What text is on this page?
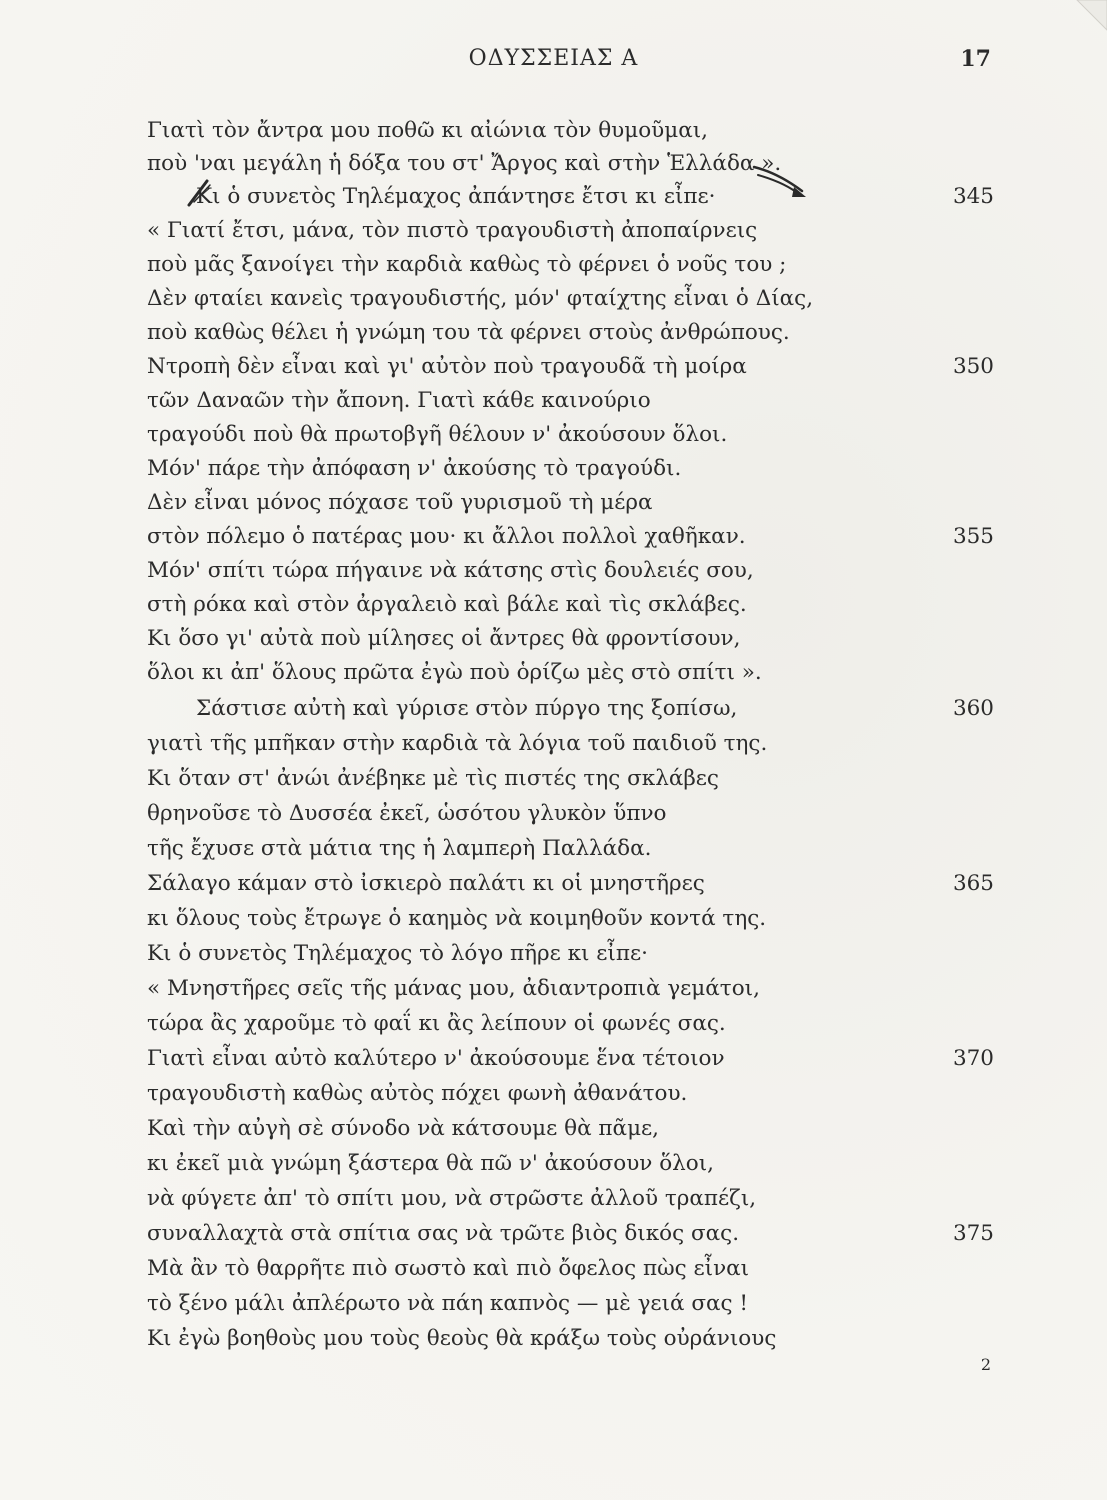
ΟΔΥΣΣΕΙΑΣ Α	17
Γιατὶ τὸν ἄντρα μου ποθῶ κι αἰώνια τὸν θυμοῦμαι,
ποὺ 'ναι μεγάλη ἡ δόξα του στ' Ἄργος καὶ στὴν Ἑλλάδα ».
Κι ὁ συνετὸς Τηλέμαχος ἀπάντησε ἔτσι κι εἶπε·	345
« Γιατί ἔτσι, μάνα, τὸν πιστὸ τραγουδιστὴ ἀποπαίρνεις
ποὺ μᾶς ξανοίγει τὴν καρδιὰ καθὼς τὸ φέρνει ὁ νοῦς του ;
Δὲν φταίει κανεὶς τραγουδιστής, μόν' φταίχτης εἶναι ὁ Δίας,
ποὺ καθὼς θέλει ἡ γνώμη του τὰ φέρνει στοὺς ἀνθρώπους.
Ντροπὴ δὲν εἶναι καὶ γι' αὐτὸν ποὺ τραγουδᾶ τὴ μοίρα	350
τῶν Δαναῶν τὴν ἄπονη. Γιατὶ κάθε καινούριο
τραγούδι ποὺ θὰ πρωτοβγῆ θέλουν ν' ἀκούσουν ὅλοι.
Μόν' πάρε τὴν ἀπόφαση ν' ἀκούσης τὸ τραγούδι.
Δὲν εἶναι μόνος πόχασε τοῦ γυρισμοῦ τὴ μέρα
στὸν πόλεμο ὁ πατέρας μου· κι ἄλλοι πολλοὶ χαθῆκαν.	355
Μόν' σπίτι τώρα πήγαινε νὰ κάτσης στὶς δουλειές σου,
στὴ ρόκα καὶ στὸν ἀργαλειὸ καὶ βάλε καὶ τὶς σκλάβες.
Κι ὅσο γι' αὐτὰ ποὺ μίλησες οἱ ἄντρες θὰ φροντίσουν,
ὅλοι κι ἀπ' ὅλους πρῶτα ἐγὼ ποὺ ὁρίζω μὲς στὸ σπίτι ».
Σάστισε αὐτὴ καὶ γύρισε στὸν πύργο της ξοπίσω,	360
γιατὶ τῆς μπῆκαν στὴν καρδιὰ τὰ λόγια τοῦ παιδιοῦ της.
Κι ὅταν στ' ἀνώι ἀνέβηκε μὲ τὶς πιστές της σκλάβες
θρηνοῦσε τὸ Δυσσέα ἐκεῖ, ὡσότου γλυκὸν ὕπνο
τῆς ἔχυσε στὰ μάτια της ἡ λαμπερὴ Παλλάδα.
Σάλαγο κάμαν στὸ ἰσκιερὸ παλάτι κι οἱ μνηστῆρες	365
κι ὅλους τοὺς ἔτρωγε ὁ καημὸς νὰ κοιμηθοῦν κοντά της.
Κι ὁ συνετὸς Τηλέμαχος τὸ λόγο πῆρε κι εἶπε·
« Μνηστῆρες σεῖς τῆς μάνας μου, ἀδιαντροπιὰ γεμάτοι,
τώρα ἂς χαροῦμε τὸ φαΐ κι ἂς λείπουν οἱ φωνές σας.
Γιατὶ εἶναι αὐτὸ καλύτερο ν' ἀκούσουμε ἕνα τέτοιον	370
τραγουδιστὴ καθὼς αὐτὸς πόχει φωνὴ ἀθανάτου.
Καὶ τὴν αὐγὴ σὲ σύνοδο νὰ κάτσουμε θὰ πᾶμε,
κι ἐκεῖ μιὰ γνώμη ξάστερα θὰ πῶ ν' ἀκούσουν ὅλοι,
νὰ φύγετε ἀπ' τὸ σπίτι μου, νὰ στρῶστε ἀλλοῦ τραπέζι,
συναλλαχτὰ στὰ σπίτια σας νὰ τρῶτε βιὸς δικός σας.	375
Μὰ ἂν τὸ θαρρῆτε πιὸ σωστὸ καὶ πιὸ ὄφελος πὼς εἶναι
τὸ ξένο μάλι ἀπλέρωτο νὰ πάη καπνὸς — μὲ γειά σας !
Κι ἐγὼ βοηθοὺς μου τοὺς θεοὺς θὰ κράξω τοὺς οὐράνιους
2
